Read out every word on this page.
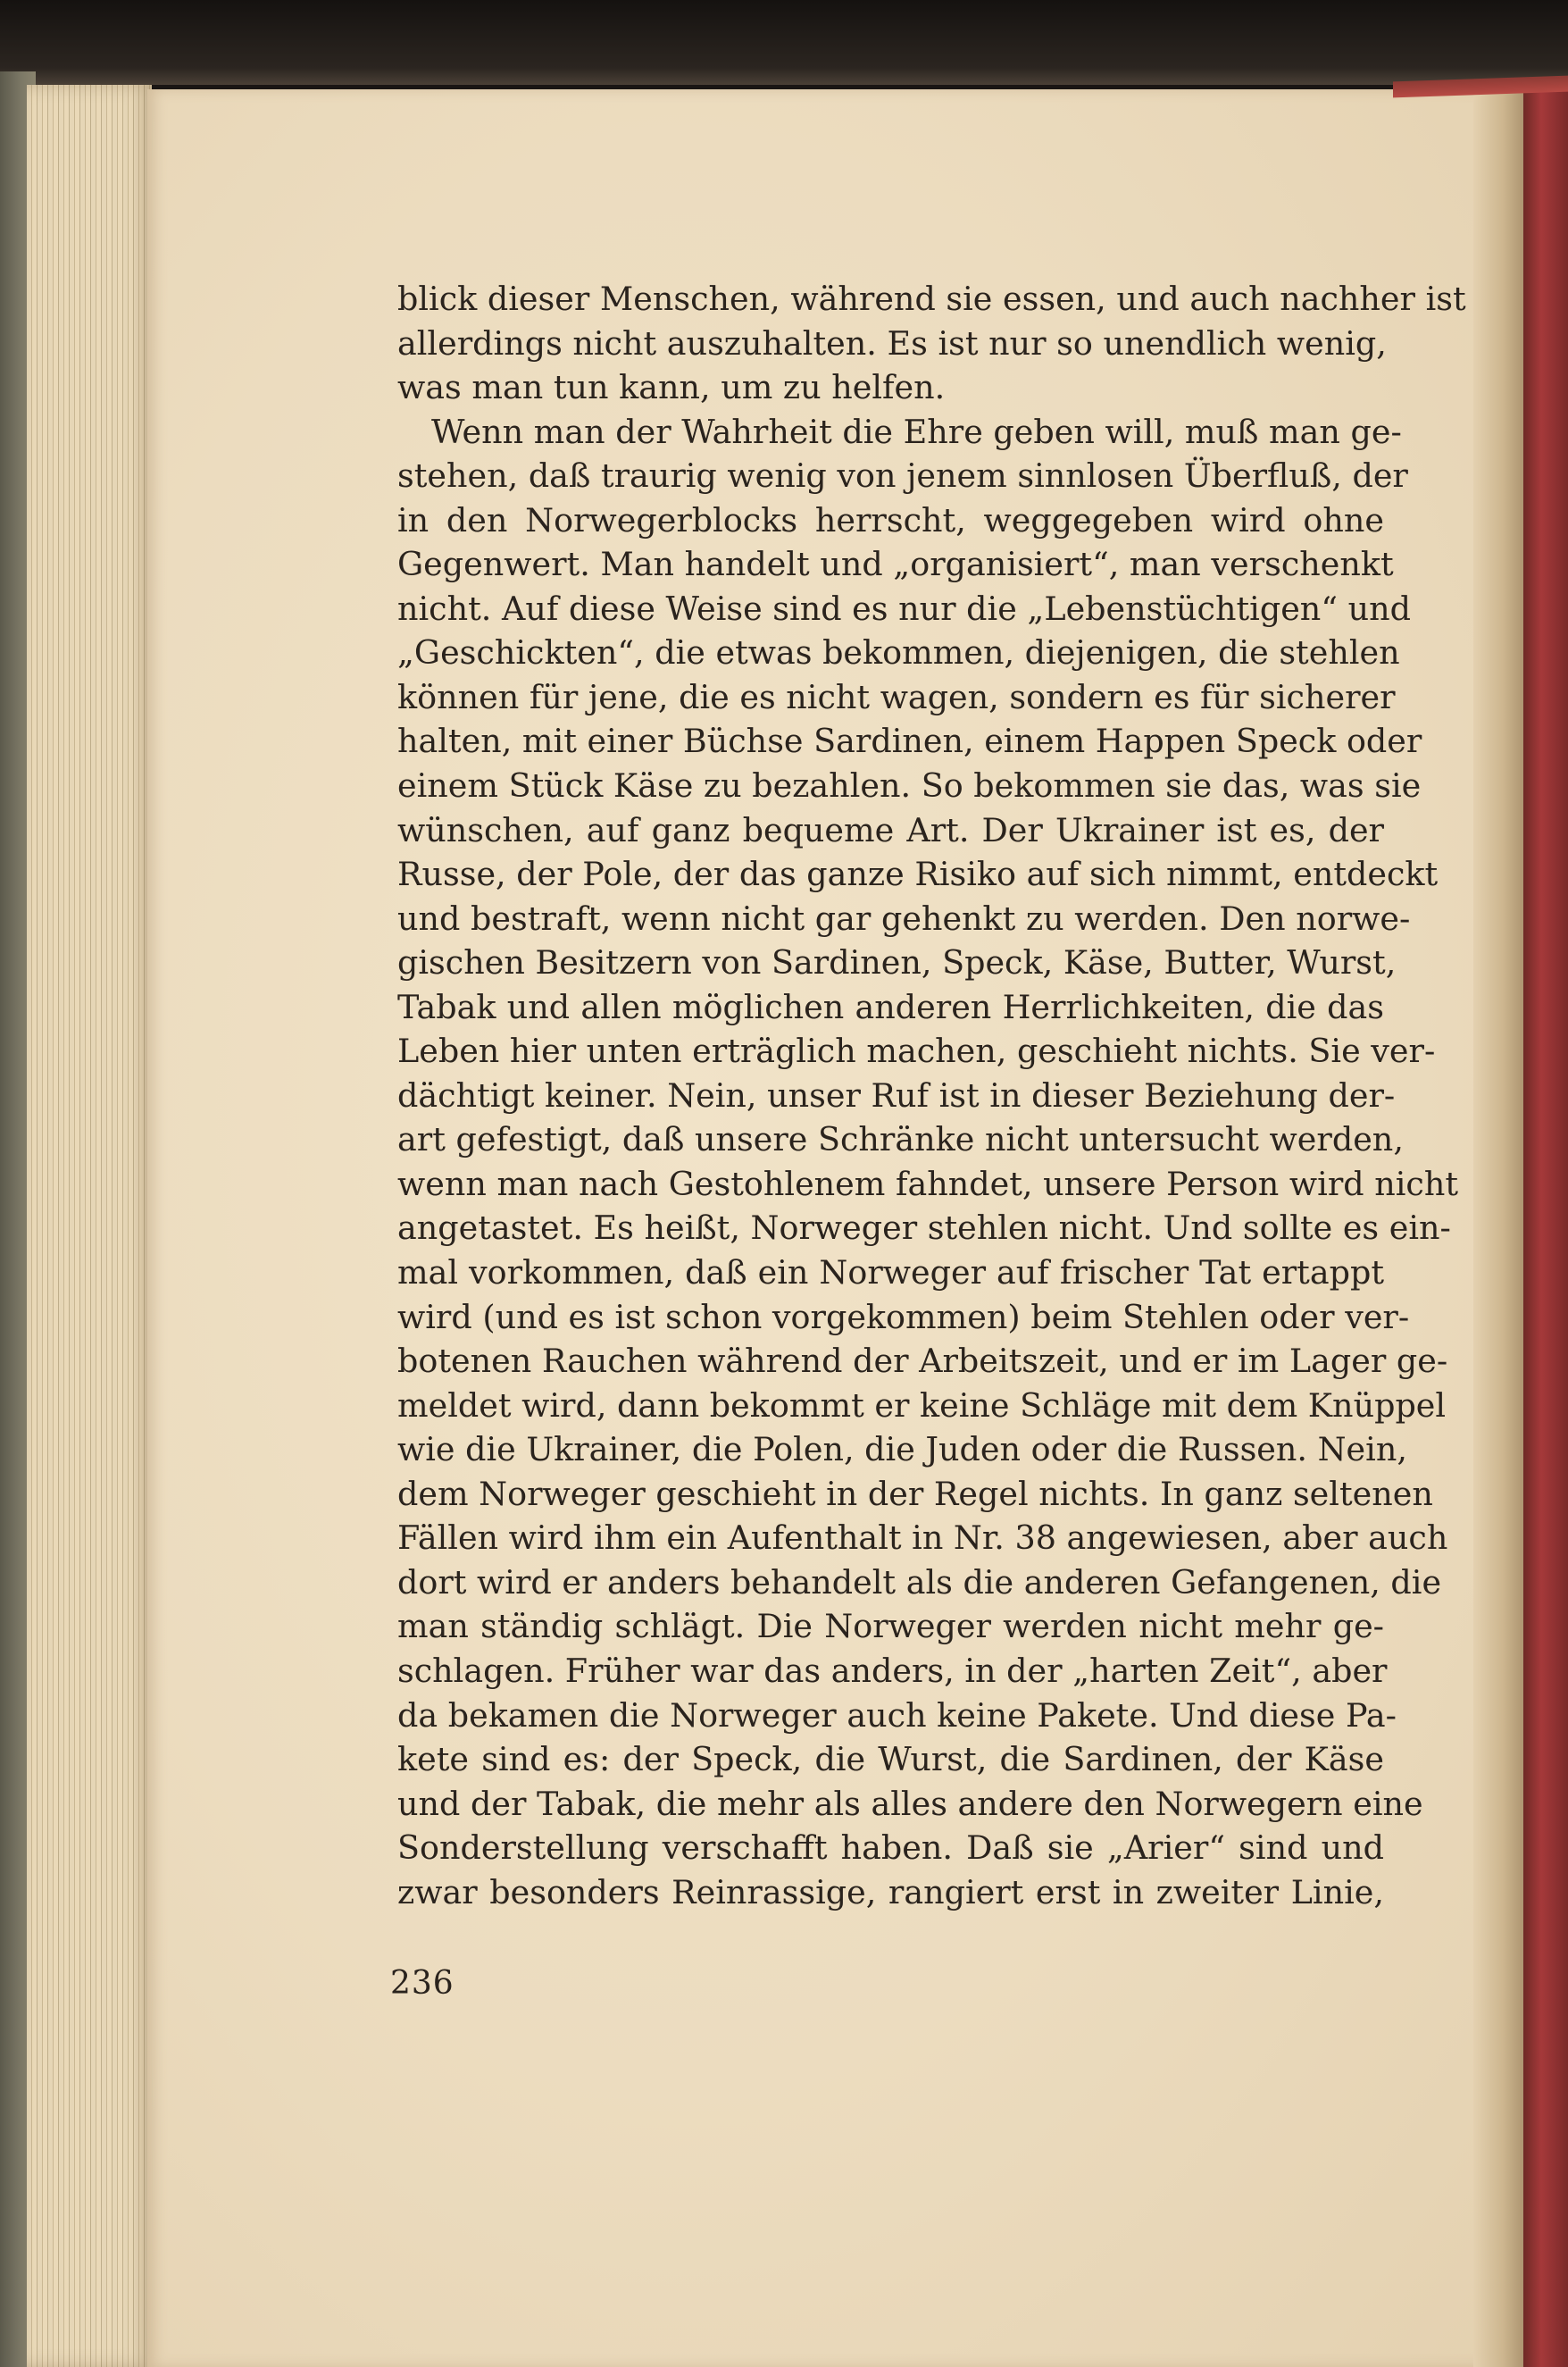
blick dieser Menschen, während sie essen, und auch nachher ist
allerdings nicht auszuhalten. Es ist nur so unendlich wenig,
was man tun kann, um zu helfen.
Wenn man der Wahrheit die Ehre geben will, muß man ge-
stehen, daß traurig wenig von jenem sinnlosen Überfluß, der
in den Norwegerblocks herrscht, weggegeben wird ohne
Gegenwert. Man handelt und „organisiert“, man verschenkt
nicht. Auf diese Weise sind es nur die „Lebenstüchtigen“ und
„Geschickten“, die etwas bekommen, diejenigen, die stehlen
können für jene, die es nicht wagen, sondern es für sicherer
halten, mit einer Büchse Sardinen, einem Happen Speck oder
einem Stück Käse zu bezahlen. So bekommen sie das, was sie
wünschen, auf ganz bequeme Art. Der Ukrainer ist es, der
Russe, der Pole, der das ganze Risiko auf sich nimmt, entdeckt
und bestraft, wenn nicht gar gehenkt zu werden. Den norwe-
gischen Besitzern von Sardinen, Speck, Käse, Butter, Wurst,
Tabak und allen möglichen anderen Herrlichkeiten, die das
Leben hier unten erträglich machen, geschieht nichts. Sie ver-
dächtigt keiner. Nein, unser Ruf ist in dieser Beziehung der-
art gefestigt, daß unsere Schränke nicht untersucht werden,
wenn man nach Gestohlenem fahndet, unsere Person wird nicht
angetastet. Es heißt, Norweger stehlen nicht. Und sollte es ein-
mal vorkommen, daß ein Norweger auf frischer Tat ertappt
wird (und es ist schon vorgekommen) beim Stehlen oder ver-
botenen Rauchen während der Arbeitszeit, und er im Lager ge-
meldet wird, dann bekommt er keine Schläge mit dem Knüppel
wie die Ukrainer, die Polen, die Juden oder die Russen. Nein,
dem Norweger geschieht in der Regel nichts. In ganz seltenen
Fällen wird ihm ein Aufenthalt in Nr. 38 angewiesen, aber auch
dort wird er anders behandelt als die anderen Gefangenen, die
man ständig schlägt. Die Norweger werden nicht mehr ge-
schlagen. Früher war das anders, in der „harten Zeit“, aber
da bekamen die Norweger auch keine Pakete. Und diese Pa-
kete sind es: der Speck, die Wurst, die Sardinen, der Käse
und der Tabak, die mehr als alles andere den Norwegern eine
Sonderstellung verschafft haben. Daß sie „Arier“ sind und
zwar besonders Reinrassige, rangiert erst in zweiter Linie,
236
